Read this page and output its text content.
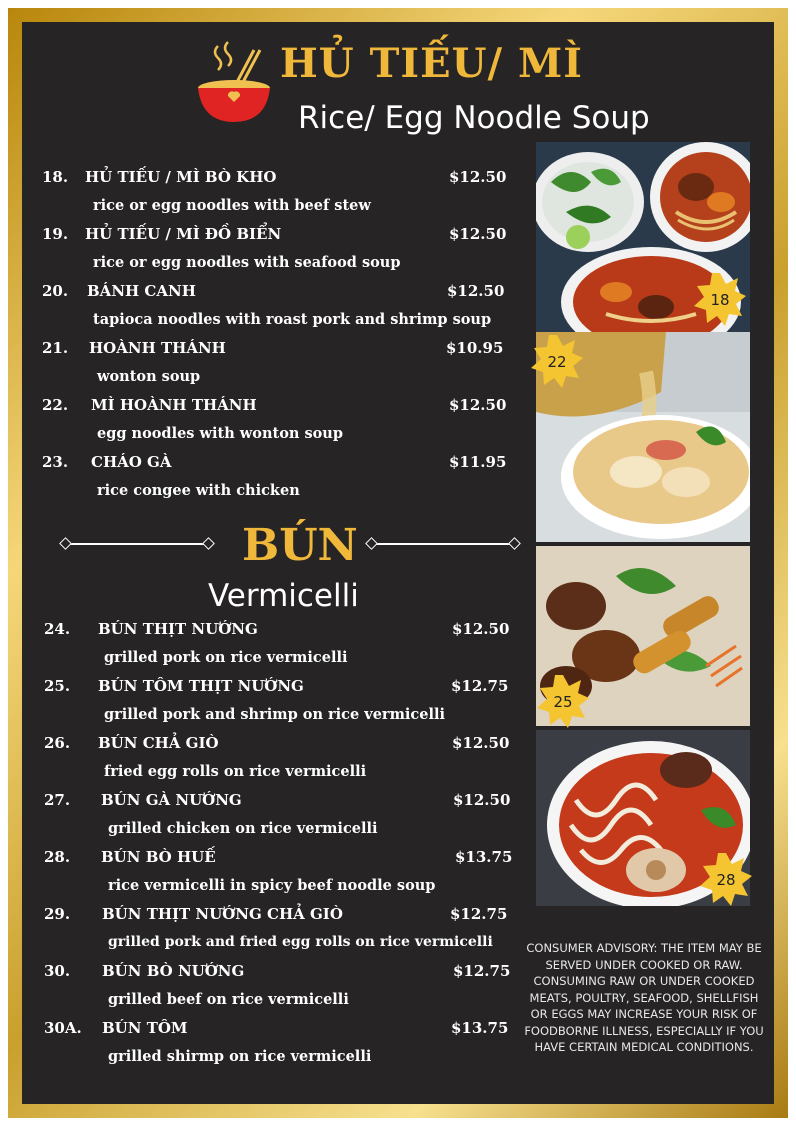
HỦ TIẾU/ MÌ
Rice/ Egg Noodle Soup
18. HỦ TIẾU / MÌ BÒ KHO	$12.50
rice or egg noodles with beef stew
19. HỦ TIẾU / MÌ ĐỒ BIỂN	$12.50
rice or egg noodles with seafood soup
20. BÁNH CANH	$12.50
tapioca noodles with roast pork and shrimp soup
21. HOÀNH THÁNH	$10.95
wonton soup
22. MÌ HOÀNH THÁNH	$12.50
egg noodles with wonton soup
23. CHÁO GÀ	$11.95
rice congee with chicken
BÚN
Vermicelli
24. BÚN THỊT NƯỚNG	$12.50
grilled pork on rice vermicelli
25. BÚN TÔM THỊT NƯỚNG	$12.75
grilled pork and shrimp on rice vermicelli
26. BÚN CHẢ GIÒ	$12.50
fried egg rolls on rice vermicelli
27. BÚN GÀ NƯỚNG	$12.50
grilled chicken on rice vermicelli
28. BÚN BÒ HUẾ	$13.75
rice vermicelli in spicy beef noodle soup
29. BÚN THỊT NƯỚNG CHẢ GIÒ	$12.75
grilled pork and fried egg rolls on rice vermicelli
30. BÚN BÒ NƯỚNG	$12.75
grilled beef on rice vermicelli
30A. BÚN TÔM	$13.75
grilled shirmp on rice vermicelli
18
22
25
28
CONSUMER ADVISORY: THE ITEM MAY BE SERVED UNDER COOKED OR RAW. CONSUMING RAW OR UNDER COOKED MEATS, POULTRY, SEAFOOD, SHELLFISH OR EGGS MAY INCREASE YOUR RISK OF FOODBORNE ILLNESS, ESPECIALLY IF YOU HAVE CERTAIN MEDICAL CONDITIONS.
